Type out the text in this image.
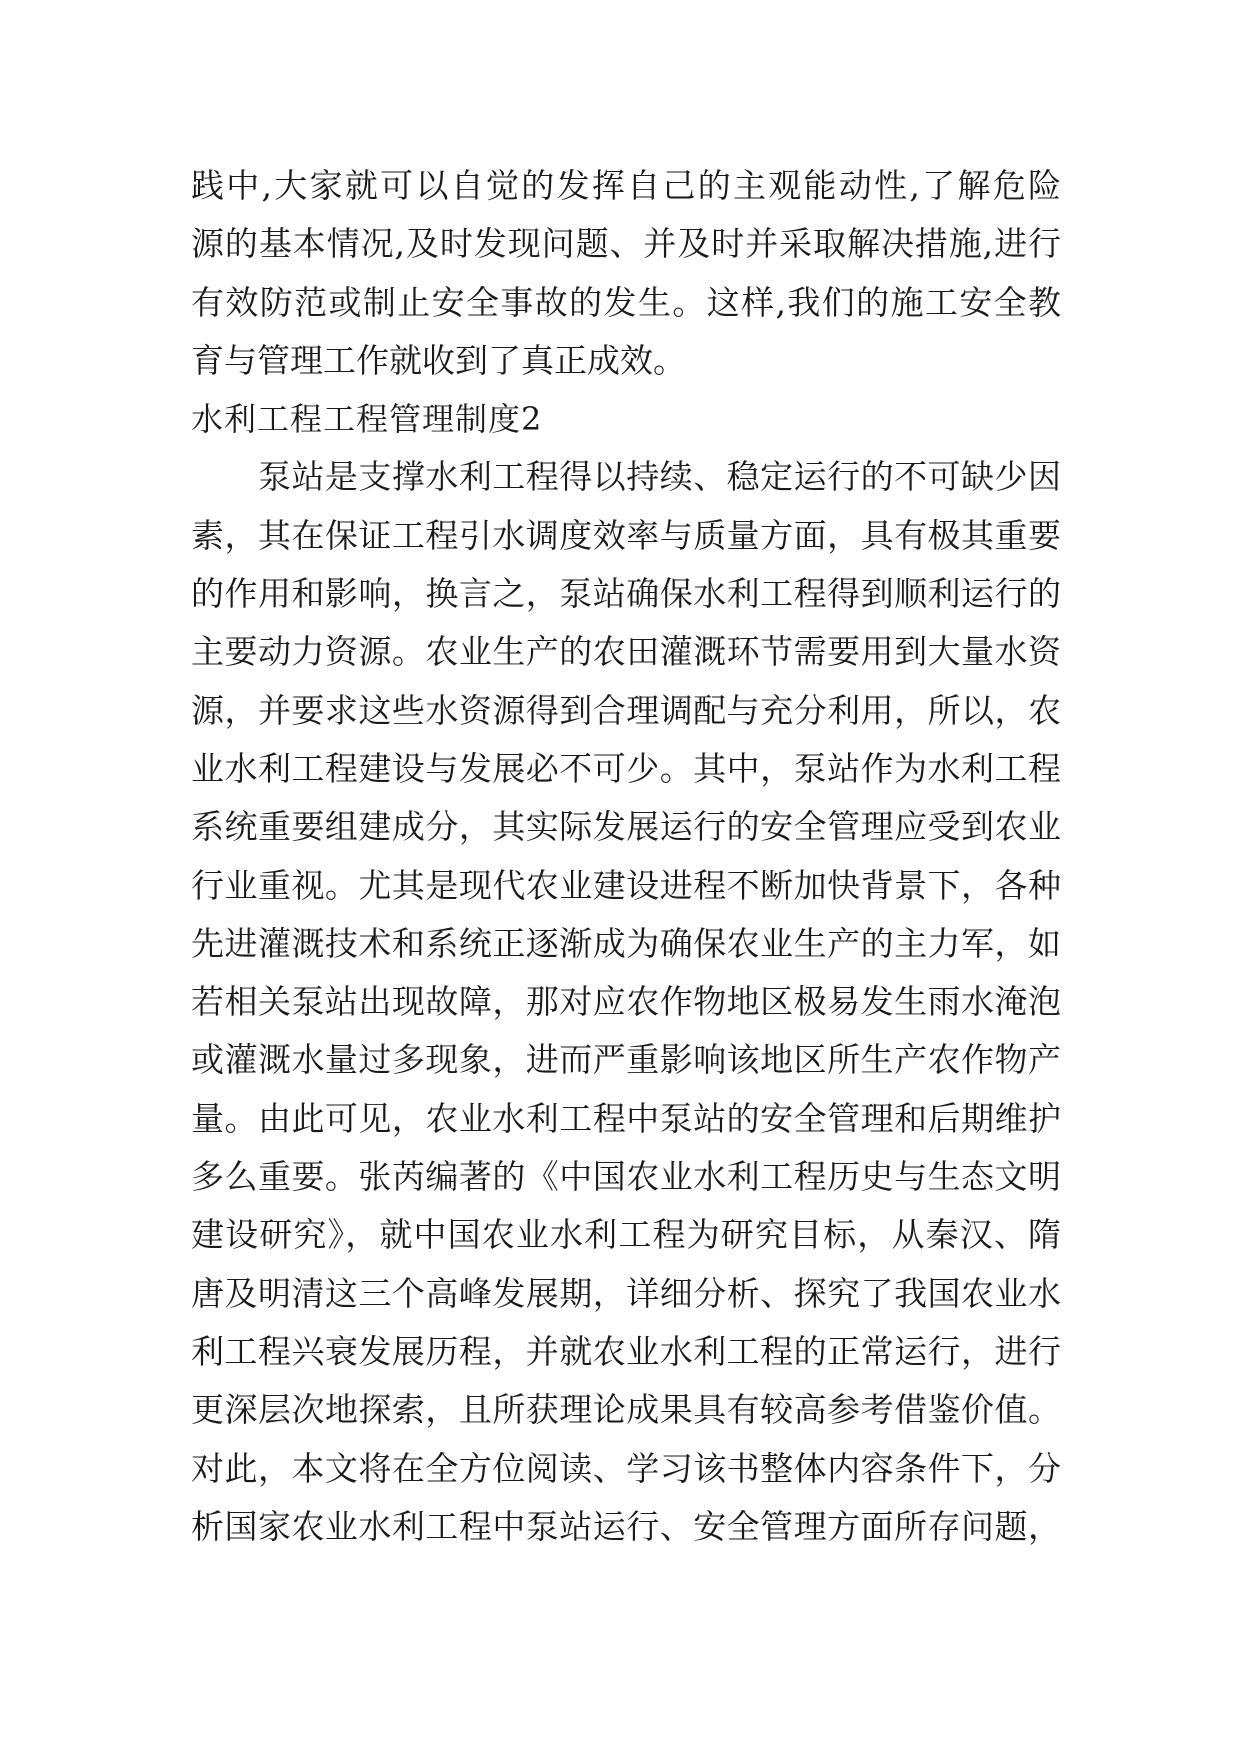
践中,大家就可以自觉的发挥自己的主观能动性,了解危险
源的基本情况,及时发现问题、并及时并采取解决措施,进行
有效防范或制止安全事故的发生。这样,我们的施工安全教
育与管理工作就收到了真正成效。
水利工程工程管理制度2
　　泵站是支撑水利工程得以持续、稳定运行的不可缺少因
素，其在保证工程引水调度效率与质量方面，具有极其重要
的作用和影响，换言之，泵站确保水利工程得到顺利运行的
主要动力资源。农业生产的农田灌溉环节需要用到大量水资
源，并要求这些水资源得到合理调配与充分利用，所以，农
业水利工程建设与发展必不可少。其中，泵站作为水利工程
系统重要组建成分，其实际发展运行的安全管理应受到农业
行业重视。尤其是现代农业建设进程不断加快背景下，各种
先进灌溉技术和系统正逐渐成为确保农业生产的主力军，如
若相关泵站出现故障，那对应农作物地区极易发生雨水淹泡
或灌溉水量过多现象，进而严重影响该地区所生产农作物产
量。由此可见，农业水利工程中泵站的安全管理和后期维护
多么重要。张芮编著的《中国农业水利工程历史与生态文明
建设研究》，就中国农业水利工程为研究目标，从秦汉、隋
唐及明清这三个高峰发展期，详细分析、探究了我国农业水
利工程兴衰发展历程，并就农业水利工程的正常运行，进行
更深层次地探索，且所获理论成果具有较高参考借鉴价值。
对此，本文将在全方位阅读、学习该书整体内容条件下，分
析国家农业水利工程中泵站运行、安全管理方面所存问题，
